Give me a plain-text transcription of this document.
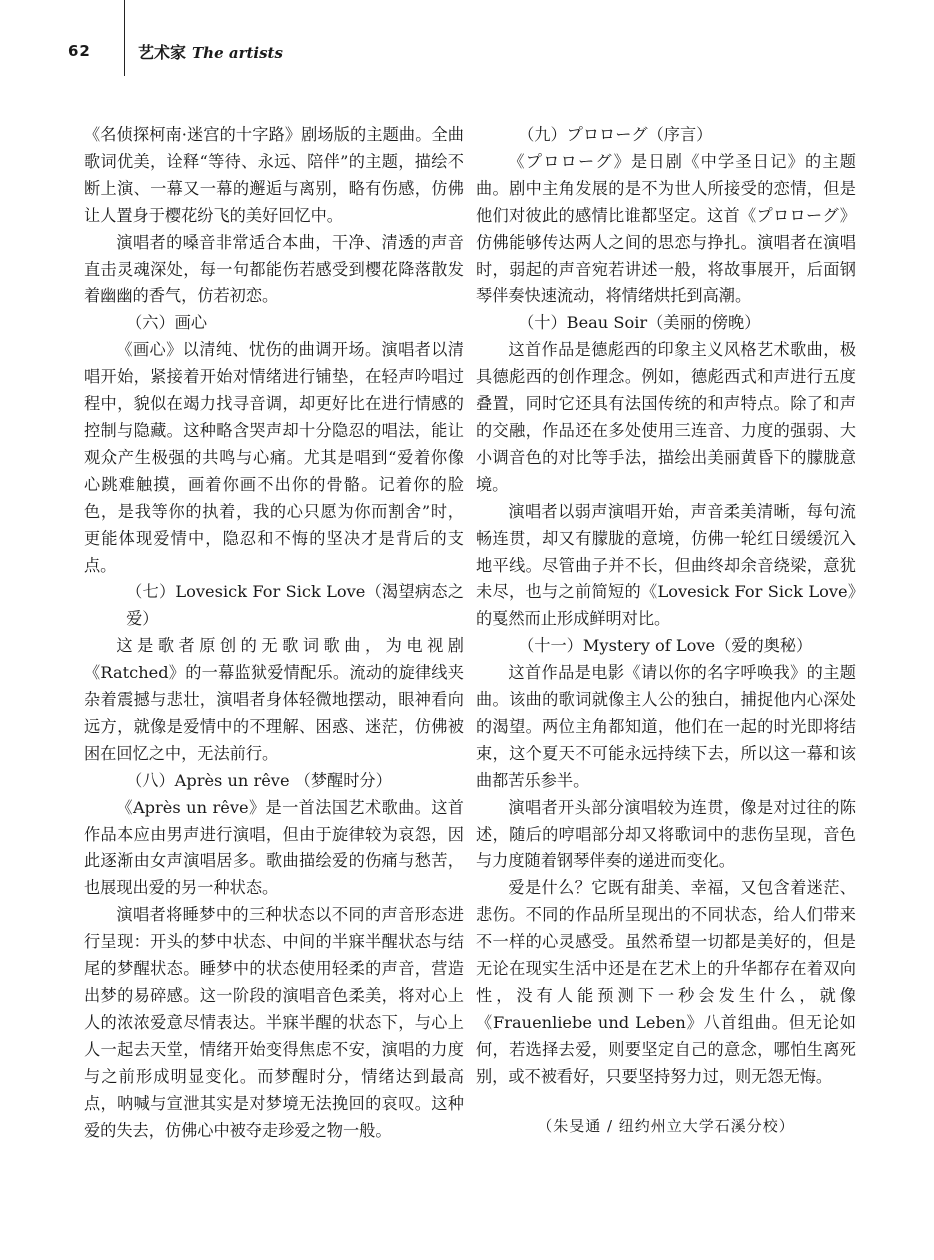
62	艺术家 The artists

《名侦探柯南·迷宫的十字路》剧场版的主题曲。全曲歌词优美，诠释“等待、永远、陪伴”的主题，描绘不断上演、一幕又一幕的邂逅与离别，略有伤感，仿佛让人置身于樱花纷飞的美好回忆中。

演唱者的嗓音非常适合本曲，干净、清透的声音直击灵魂深处，每一句都能伤若感受到樱花降落散发着幽幽的香气，仿若初恋。

（六）画心

《画心》以清纯、忧伤的曲调开场。演唱者以清唱开始，紧接着开始对情绪进行铺垫，在轻声吟唱过程中，貌似在竭力找寻音调，却更好比在进行情感的控制与隐藏。这种略含哭声却十分隐忍的唱法，能让观众产生极强的共鸣与心痛。尤其是唱到“爱着你像心跳难触摸，画着你画不出你的骨骼。记着你的脸色，是我等你的执着，我的心只愿为你而割舍”时，更能体现爱情中，隐忍和不悔的坚决才是背后的支点。

（七）Lovesick For Sick Love（渴望病态之爱）

这是歌者原创的无歌词歌曲，为电视剧《Ratched》的一幕监狱爱情配乐。流动的旋律线夹杂着震撼与悲壮，演唱者身体轻微地摆动，眼神看向远方，就像是爱情中的不理解、困惑、迷茫，仿佛被困在回忆之中，无法前行。

（八）Après un rêve （梦醒时分）

《Après un rêve》是一首法国艺术歌曲。这首作品本应由男声进行演唱，但由于旋律较为哀怨，因此逐渐由女声演唱居多。歌曲描绘爱的伤痛与愁苦，也展现出爱的另一种状态。

演唱者将睡梦中的三种状态以不同的声音形态进行呈现：开头的梦中状态、中间的半寐半醒状态与结尾的梦醒状态。睡梦中的状态使用轻柔的声音，营造出梦的易碎感。这一阶段的演唱音色柔美，将对心上人的浓浓爱意尽情表达。半寐半醒的状态下，与心上人一起去天堂，情绪开始变得焦虑不安，演唱的力度与之前形成明显变化。而梦醒时分，情绪达到最高点，呐喊与宣泄其实是对梦境无法挽回的哀叹。这种爱的失去，仿佛心中被夺走珍爱之物一般。

（九）プロローグ（序言）

《プロローグ》是日剧《中学圣日记》的主题曲。剧中主角发展的是不为世人所接受的恋情，但是他们对彼此的感情比谁都坚定。这首《プロローグ》仿佛能够传达两人之间的思恋与挣扎。演唱者在演唱时，弱起的声音宛若讲述一般，将故事展开，后面钢琴伴奏快速流动，将情绪烘托到高潮。

（十）Beau Soir（美丽的傍晚）

这首作品是德彪西的印象主义风格艺术歌曲，极具德彪西的创作理念。例如，德彪西式和声进行五度叠置，同时它还具有法国传统的和声特点。除了和声的交融，作品还在多处使用三连音、力度的强弱、大小调音色的对比等手法，描绘出美丽黄昏下的朦胧意境。

演唱者以弱声演唱开始，声音柔美清晰，每句流畅连贯，却又有朦胧的意境，仿佛一轮红日缓缓沉入地平线。尽管曲子并不长，但曲终却余音绕梁，意犹未尽，也与之前简短的《Lovesick For Sick Love》的戛然而止形成鲜明对比。

（十一）Mystery of Love（爱的奥秘）

这首作品是电影《请以你的名字呼唤我》的主题曲。该曲的歌词就像主人公的独白，捕捉他内心深处的渴望。两位主角都知道，他们在一起的时光即将结束，这个夏天不可能永远持续下去，所以这一幕和该曲都苦乐参半。

演唱者开头部分演唱较为连贯，像是对过往的陈述，随后的哼唱部分却又将歌词中的悲伤呈现，音色与力度随着钢琴伴奏的递进而变化。

爱是什么？它既有甜美、幸福，又包含着迷茫、悲伤。不同的作品所呈现出的不同状态，给人们带来不一样的心灵感受。虽然希望一切都是美好的，但是无论在现实生活中还是在艺术上的升华都存在着双向性，没有人能预测下一秒会发生什么，就像《Frauenliebe und Leben》八首组曲。但无论如何，若选择去爱，则要坚定自己的意念，哪怕生离死别，或不被看好，只要坚持努力过，则无怨无悔。

（朱旻通 / 纽约州立大学石溪分校）
